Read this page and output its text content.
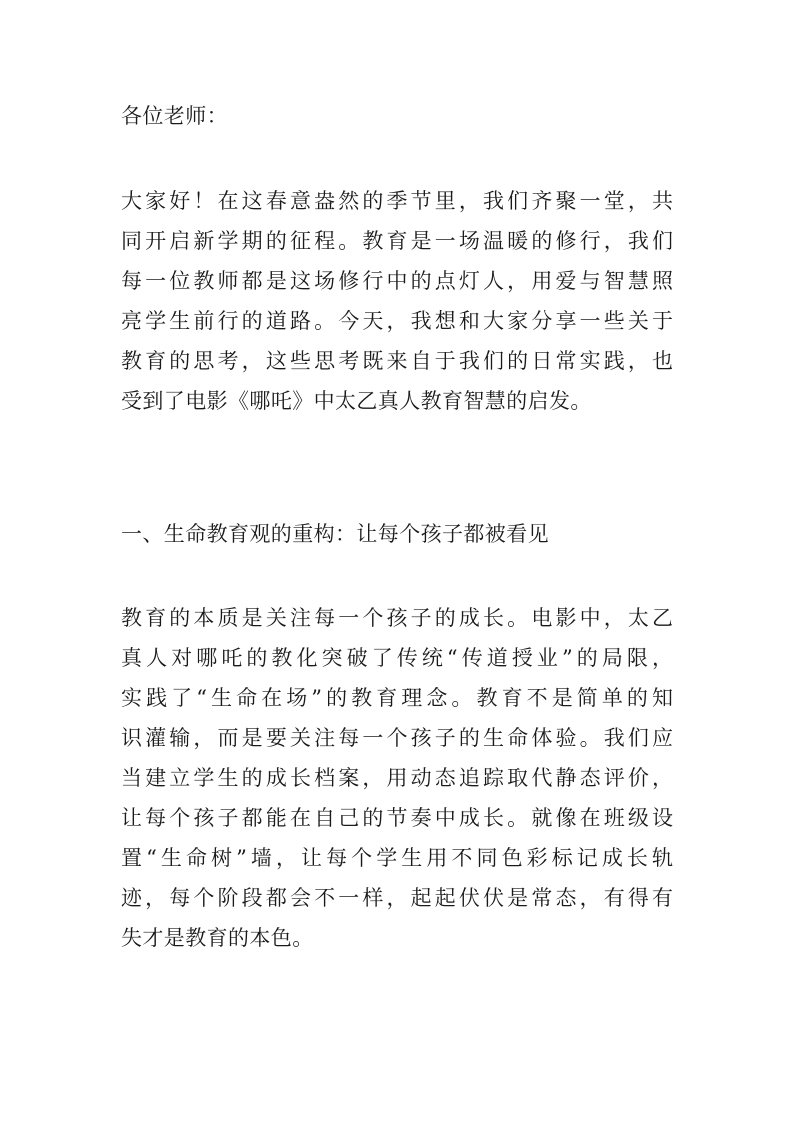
各位老师：
大家好！在这春意盎然的季节里，我们齐聚一堂，共
同开启新学期的征程。教育是一场温暖的修行，我们
每一位教师都是这场修行中的点灯人，用爱与智慧照
亮学生前行的道路。今天，我想和大家分享一些关于
教育的思考，这些思考既来自于我们的日常实践，也
受到了电影《哪吒》中太乙真人教育智慧的启发。
一、生命教育观的重构：让每个孩子都被看见
教育的本质是关注每一个孩子的成长。电影中，太乙
真人对哪吒的教化突破了传统“传道授业”的局限，
实践了“生命在场”的教育理念。教育不是简单的知
识灌输，而是要关注每一个孩子的生命体验。我们应
当建立学生的成长档案，用动态追踪取代静态评价，
让每个孩子都能在自己的节奏中成长。就像在班级设
置“生命树”墙，让每个学生用不同色彩标记成长轨
迹，每个阶段都会不一样，起起伏伏是常态，有得有
失才是教育的本色。
